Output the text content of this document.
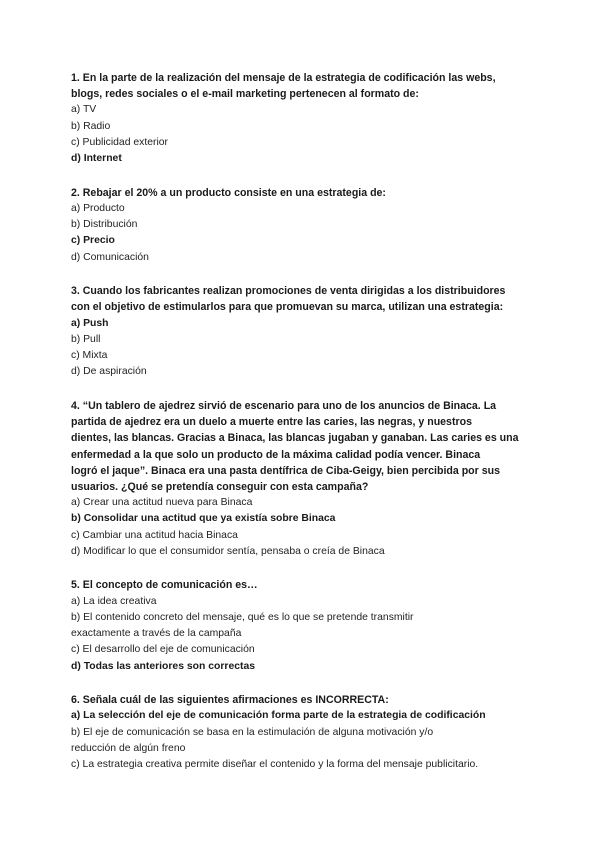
1. En la parte de la realización del mensaje de la estrategia de codificación las webs,
blogs, redes sociales o el e-mail marketing pertenecen al formato de:

a) TV

b) Radio

c) Publicidad exterior

d) Internet

2. Rebajar el 20% a un producto consiste en una estrategia de:

a) Producto

b) Distribución

c) Precio

d) Comunicación

3. Cuando los fabricantes realizan promociones de venta dirigidas a los distribuidores
con el objetivo de estimularlos para que promuevan su marca, utilizan una estrategia:

a) Push

b) Pull

c) Mixta

d) De aspiración

4. “Un tablero de ajedrez sirvió de escenario para uno de los anuncios de Binaca. La
partida de ajedrez era un duelo a muerte entre las caries, las negras, y nuestros
dientes, las blancas. Gracias a Binaca, las blancas jugaban y ganaban. Las caries es una
enfermedad a la que solo un producto de la máxima calidad podía vencer. Binaca
logró el jaque”. Binaca era una pasta dentífrica de Ciba-Geigy, bien percibida por sus
usuarios. ¿Qué se pretendía conseguir con esta campaña?

a) Crear una actitud nueva para Binaca

b) Consolidar una actitud que ya existía sobre Binaca

c) Cambiar una actitud hacia Binaca

d) Modificar lo que el consumidor sentía, pensaba o creía de Binaca

5. El concepto de comunicación es…

a) La idea creativa

b) El contenido concreto del mensaje, qué es lo que se pretende transmitir
exactamente a través de la campaña

c) El desarrollo del eje de comunicación

d) Todas las anteriores son correctas

6. Señala cuál de las siguientes afirmaciones es INCORRECTA:

a) La selección del eje de comunicación forma parte de la estrategia de codificación

b) El eje de comunicación se basa en la estimulación de alguna motivación y/o
reducción de algún freno

c) La estrategia creativa permite diseñar el contenido y la forma del mensaje publicitario.
